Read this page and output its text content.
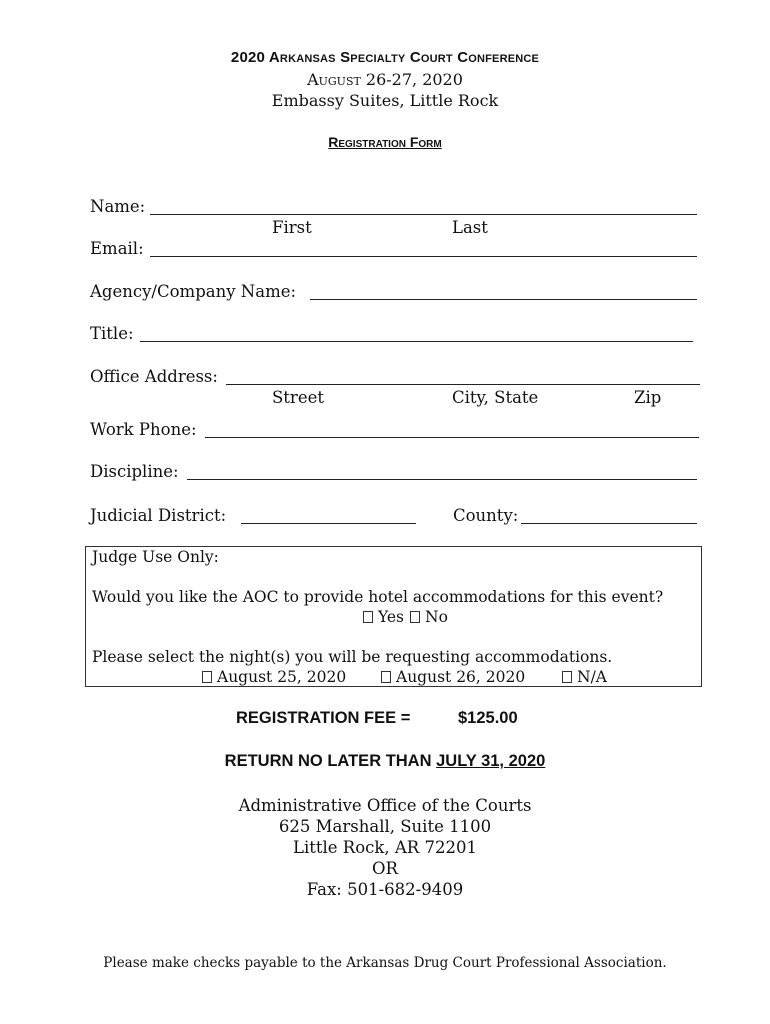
2020 Arkansas Specialty Court Conference
August 26-27, 2020
Embassy Suites, Little Rock
Registration Form
Name:
First	Last
Email:
Agency/Company Name:
Title:
Office Address:
Street	City, State	Zip
Work Phone:
Discipline:
Judicial District:	County:
Judge Use Only:
Would you like the AOC to provide hotel accommodations for this event?
Yes	No
Please select the night(s) you will be requesting accommodations.
August 25, 2020	August 26, 2020	N/A
REGISTRATION FEE =	$125.00
RETURN NO LATER THAN JULY 31, 2020
Administrative Office of the Courts
625 Marshall, Suite 1100
Little Rock, AR 72201
OR
Fax: 501-682-9409
Please make checks payable to the Arkansas Drug Court Professional Association.
